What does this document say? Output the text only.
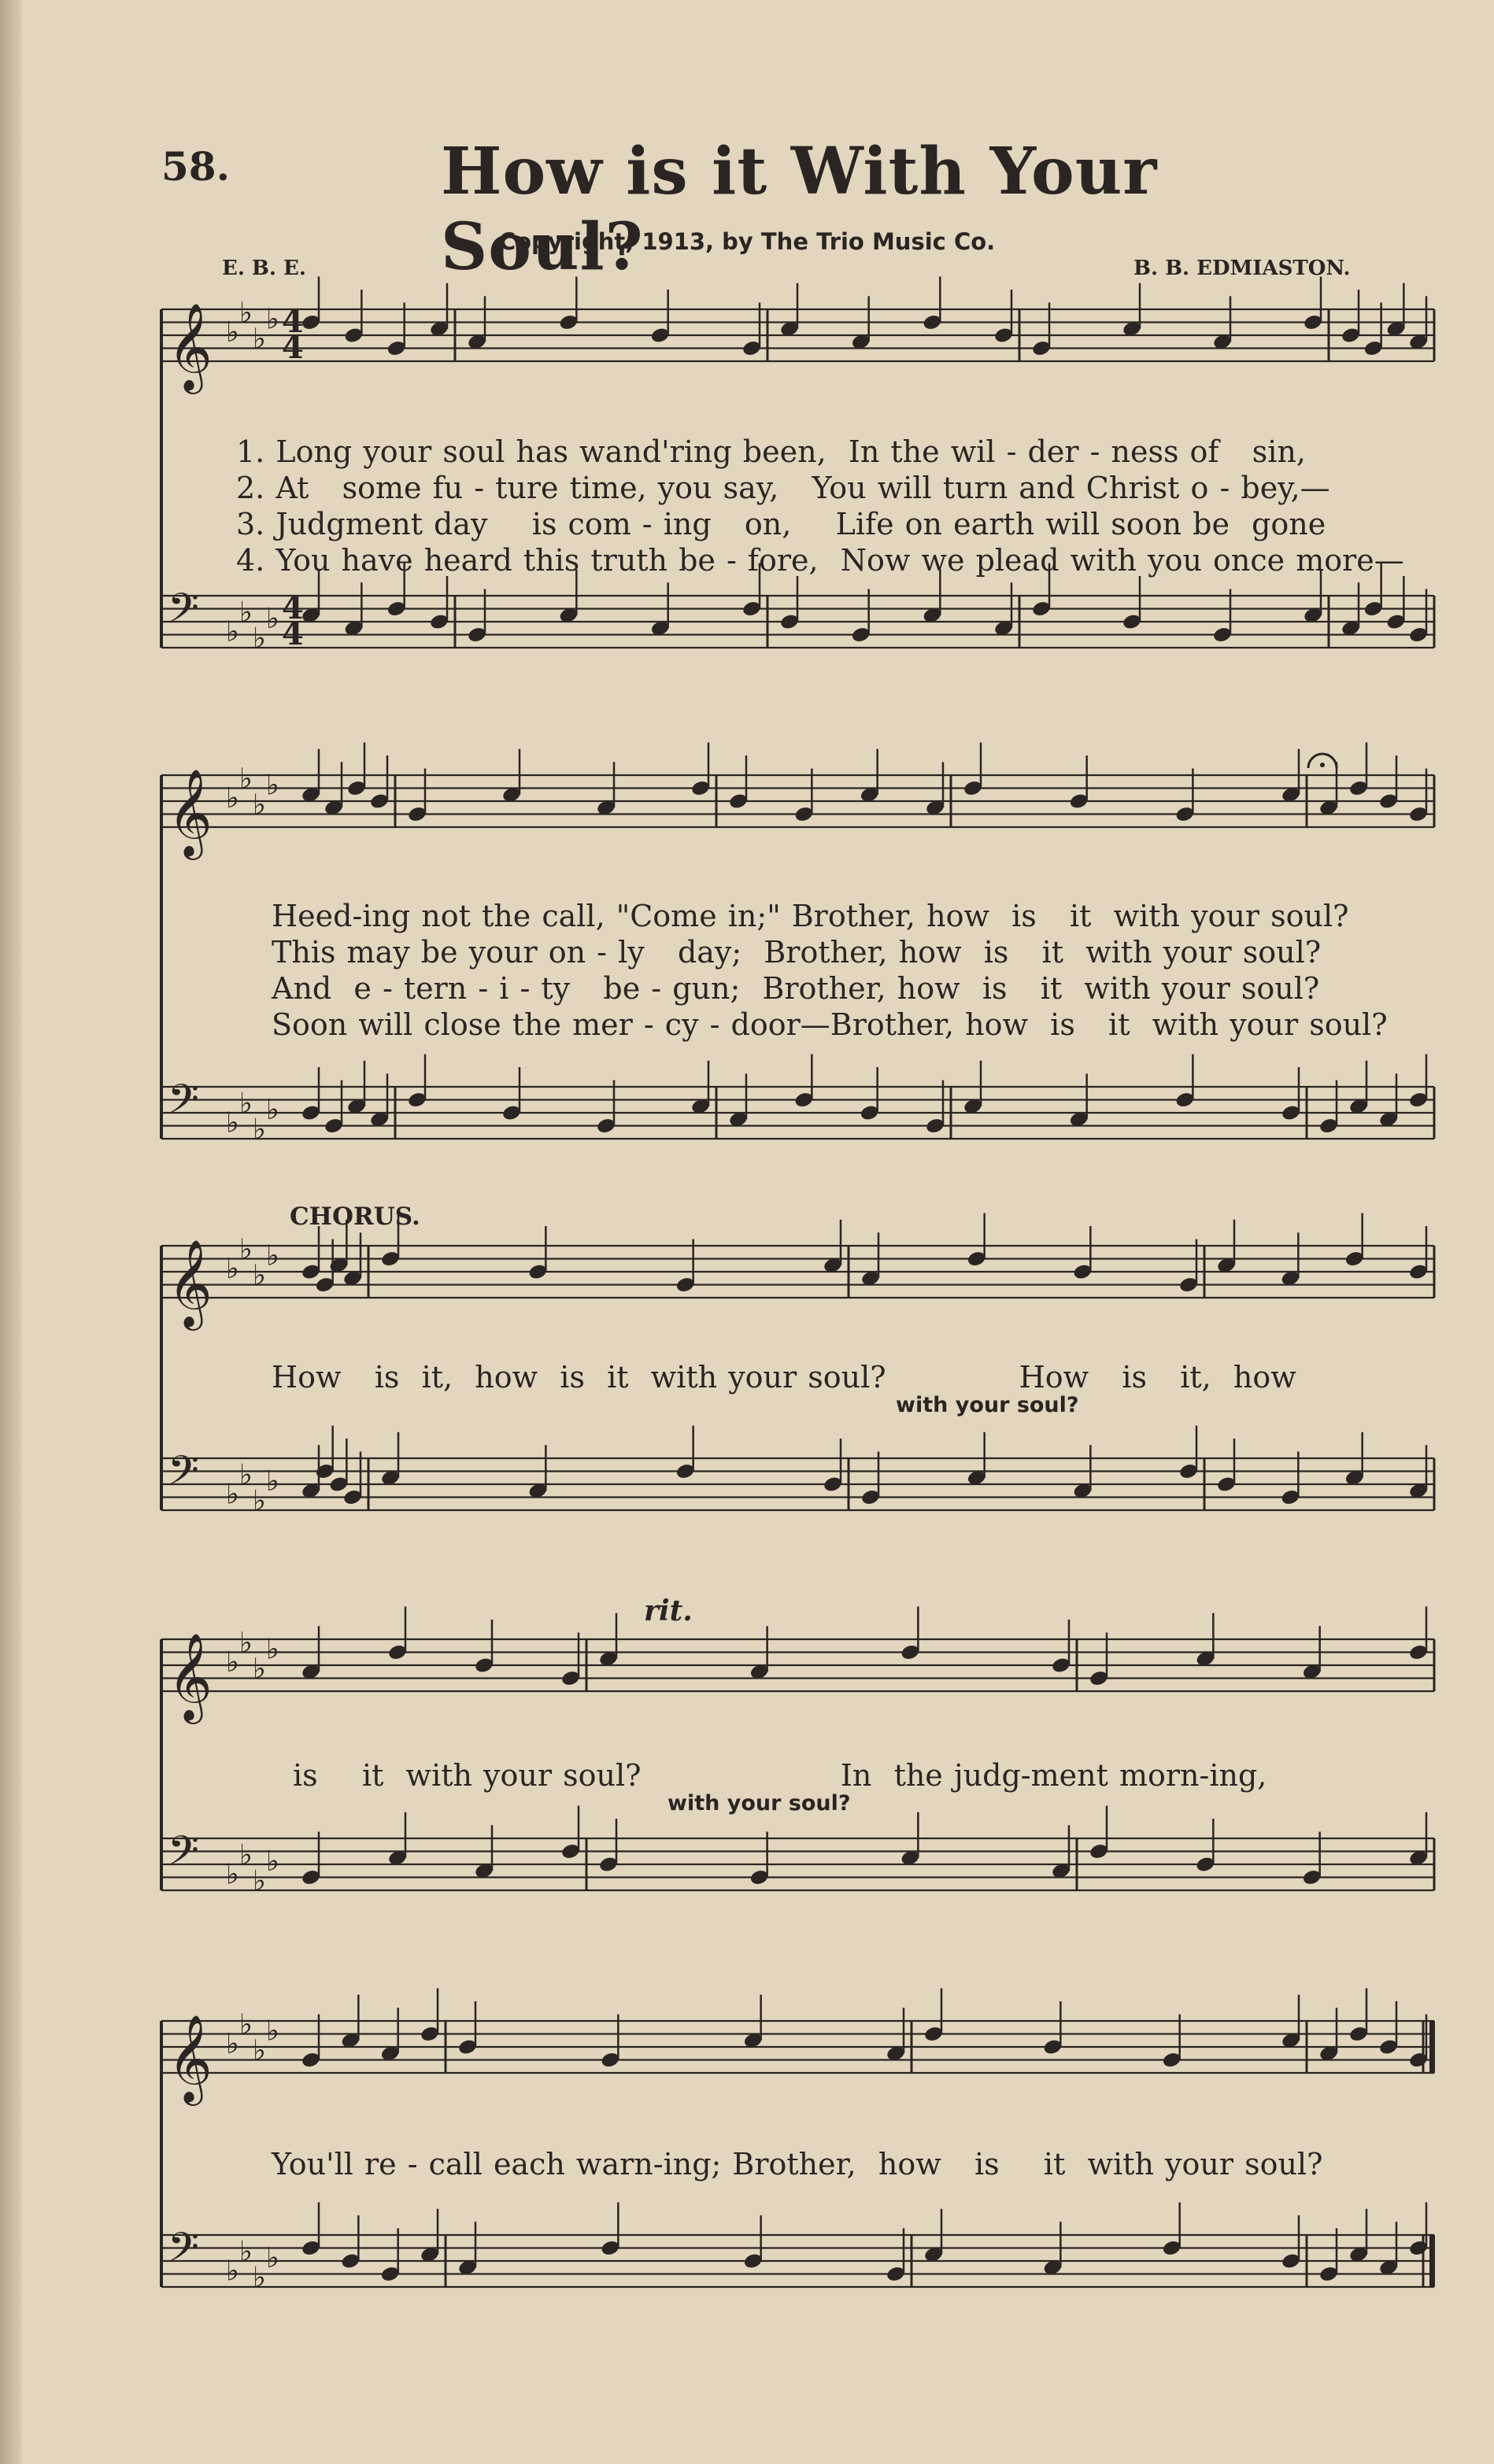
58.	How is it With Your Soul?
Copyright, 1913, by The Trio Music Co.
E. B. E.	B. B. EDMIASTON.
𝄞 ♭
♭
♭
♭
𝄢 ♭
♭
♭
♭
𝄞 ♭
♭
♭
♭
𝄢 ♭
♭
♭
♭
𝄞 ♭
♭
♭
♭
𝄢 ♭
♭
♭
♭
𝄞 ♭
♭
♭
♭
𝄢 ♭
♭
♭
♭
𝄞 ♭
♭
♭
♭
𝄢 ♭
♭
♭
♭
4
4
4
4
1. Long your soul has wand'ring been,  In the wil - der - ness of   sin,
2. At   some fu - ture time, you say,   You will turn and Christ o - bey,—
3. Judgment day    is com - ing   on,    Life on earth will soon be  gone
4. You have heard this truth be - fore,  Now we plead with you once more—
Heed-ing not the call, "Come in;" Brother, how  is   it  with your soul?
This may be your on - ly   day;  Brother, how  is   it  with your soul?
And  e - tern - i - ty   be - gun;  Brother, how  is   it  with your soul?
Soon will close the mer - cy - door—Brother, how  is   it  with your soul?
CHORUS.
How   is  it,  how  is  it  with your soul?            How   is   it,  how
with your soul?
rit.
is    it  with your soul?                  In  the judg-ment morn-ing,
with your soul?
You'll re - call each warn-ing; Brother,  how   is    it  with your soul?
